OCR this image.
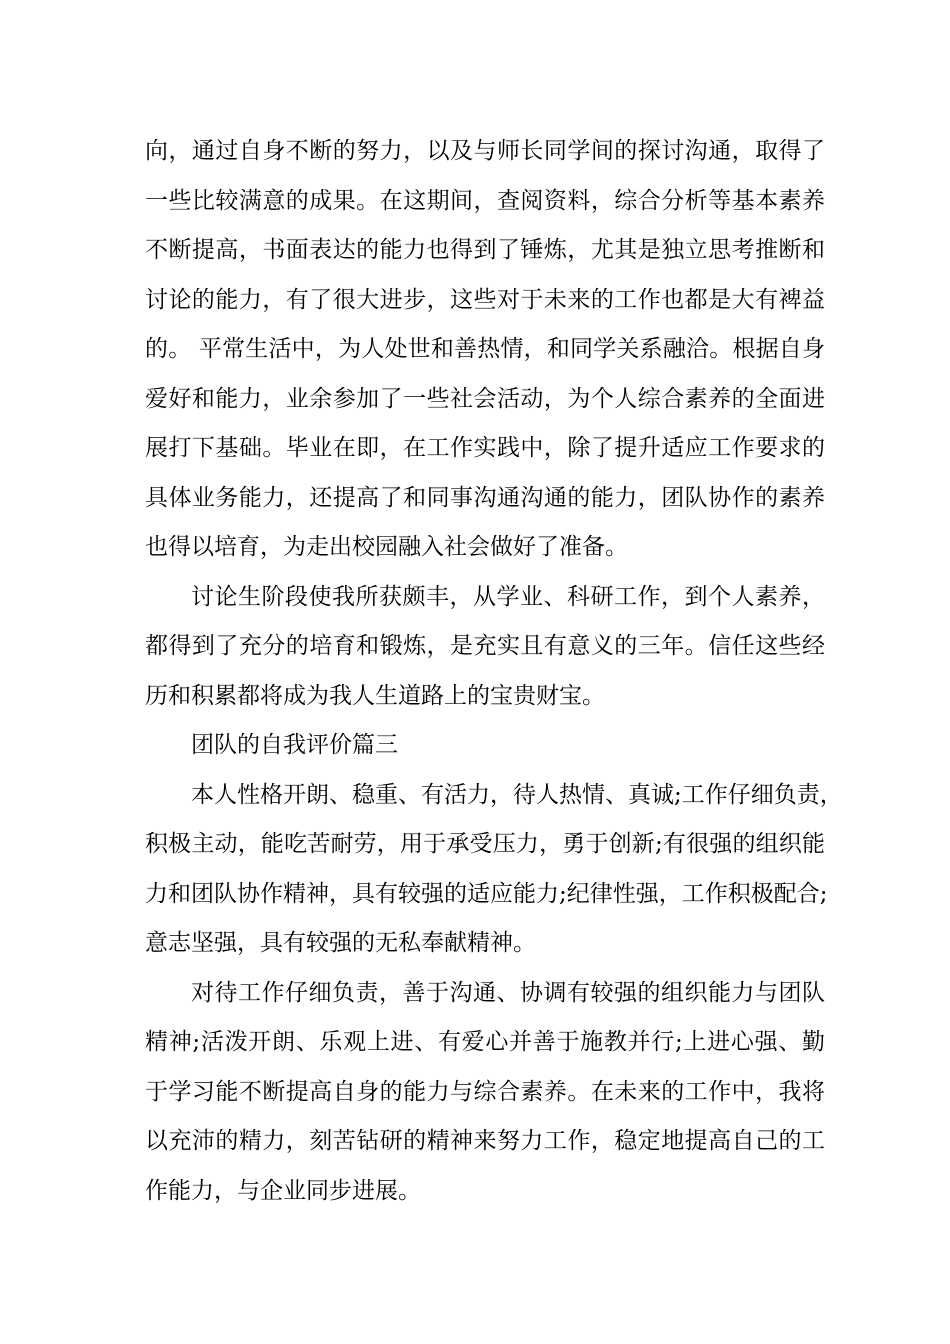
向，通过自身不断的努力，以及与师长同学间的探讨沟通，取得了
一些比较满意的成果。在这期间，查阅资料，综合分析等基本素养
不断提高，书面表达的能力也得到了锤炼，尤其是独立思考推断和
讨论的能力，有了很大进步，这些对于未来的工作也都是大有裨益
的。 平常生活中，为人处世和善热情，和同学关系融洽。根据自身
爱好和能力，业余参加了一些社会活动，为个人综合素养的全面进
展打下基础。毕业在即，在工作实践中，除了提升适应工作要求的
具体业务能力，还提高了和同事沟通沟通的能力，团队协作的素养
也得以培育，为走出校园融入社会做好了准备。
讨论生阶段使我所获颇丰，从学业、科研工作，到个人素养，
都得到了充分的培育和锻炼，是充实且有意义的三年。信任这些经
历和积累都将成为我人生道路上的宝贵财宝。
团队的自我评价篇三
本人性格开朗、稳重、有活力，待人热情、真诚;工作仔细负责，
积极主动，能吃苦耐劳，用于承受压力，勇于创新;有很强的组织能
力和团队协作精神，具有较强的适应能力;纪律性强，工作积极配合;
意志坚强，具有较强的无私奉献精神。
对待工作仔细负责，善于沟通、协调有较强的组织能力与团队
精神;活泼开朗、乐观上进、有爱心并善于施教并行;上进心强、勤
于学习能不断提高自身的能力与综合素养。在未来的工作中，我将
以充沛的精力，刻苦钻研的精神来努力工作，稳定地提高自己的工
作能力，与企业同步进展。
